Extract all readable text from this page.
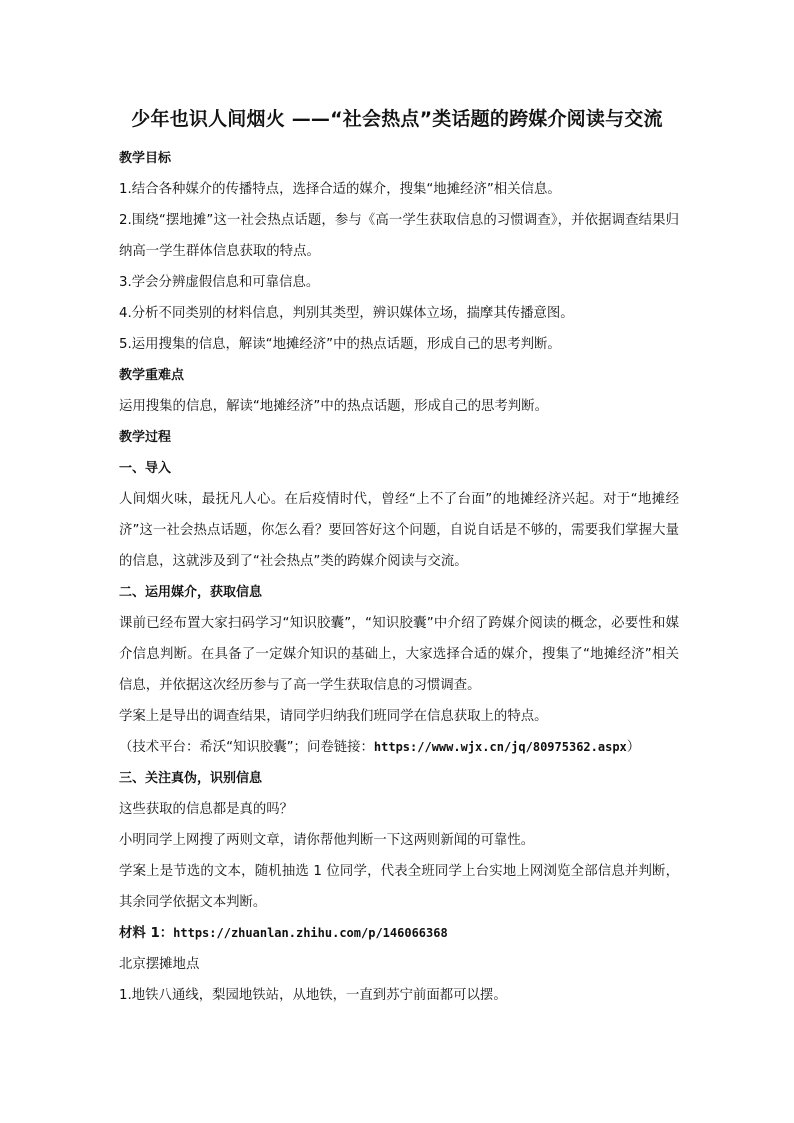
少年也识人间烟火 ——“社会热点”类话题的跨媒介阅读与交流

教学目标

1.结合各种媒介的传播特点，选择合适的媒介，搜集“地摊经济”相关信息。

2.围绕“摆地摊”这一社会热点话题，参与《高一学生获取信息的习惯调查》，并依据调查结果归纳高一学生群体信息获取的特点。

3.学会分辨虚假信息和可靠信息。

4.分析不同类别的材料信息，判别其类型，辨识媒体立场，揣摩其传播意图。

5.运用搜集的信息，解读“地摊经济”中的热点话题，形成自己的思考判断。

教学重难点

运用搜集的信息，解读“地摊经济”中的热点话题，形成自己的思考判断。

教学过程

一、导入

人间烟火味，最抚凡人心。在后疫情时代，曾经“上不了台面”的地摊经济兴起。对于“地摊经济”这一社会热点话题，你怎么看？要回答好这个问题，自说自话是不够的，需要我们掌握大量的信息，这就涉及到了“社会热点”类的跨媒介阅读与交流。

二、运用媒介，获取信息

课前已经布置大家扫码学习“知识胶囊”，“知识胶囊”中介绍了跨媒介阅读的概念，必要性和媒介信息判断。在具备了一定媒介知识的基础上，大家选择合适的媒介，搜集了“地摊经济”相关信息，并依据这次经历参与了高一学生获取信息的习惯调查。

学案上是导出的调查结果，请同学归纳我们班同学在信息获取上的特点。

（技术平台：希沃“知识胶囊”；问卷链接：https://www.wjx.cn/jq/80975362.aspx）

三、关注真伪，识别信息

这些获取的信息都是真的吗？

小明同学上网搜了两则文章，请你帮他判断一下这两则新闻的可靠性。

学案上是节选的文本，随机抽选 1 位同学，代表全班同学上台实地上网浏览全部信息并判断，其余同学依据文本判断。

材料 1：https://zhuanlan.zhihu.com/p/146066368

北京摆摊地点

1.地铁八通线，梨园地铁站，从地铁，一直到苏宁前面都可以摆。
